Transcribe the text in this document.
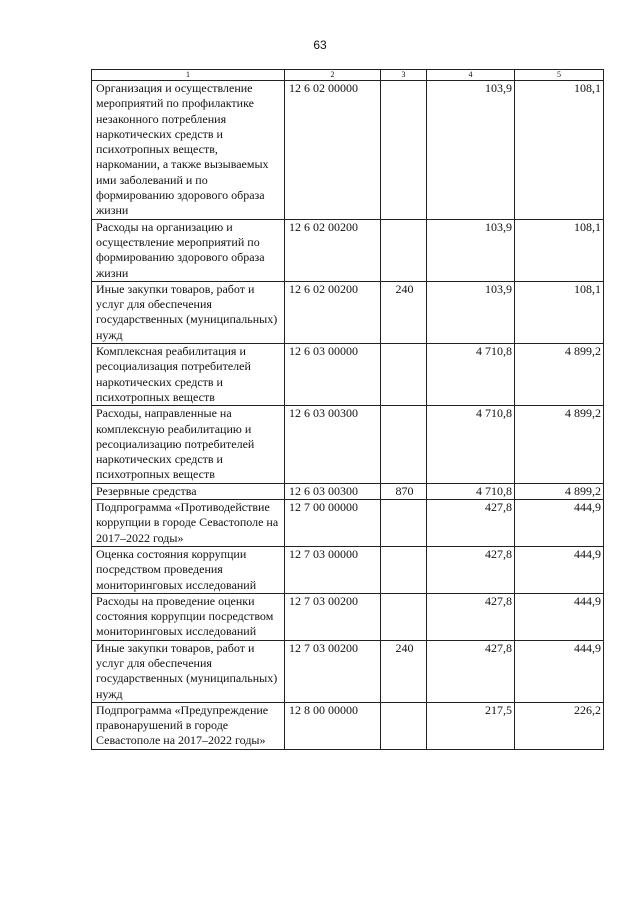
63
1	2	3	4	5
Организация и осуществление мероприятий по профилактике незаконного потребления наркотических средств и психотропных веществ, наркомании, а также вызываемых ими заболеваний и по формированию здорового образа жизни	12 6 02 00000		103,9	108,1
Расходы на организацию и осуществление мероприятий по формированию здорового образа жизни	12 6 02 00200		103,9	108,1
Иные закупки товаров, работ и услуг для обеспечения государственных (муниципальных) нужд	12 6 02 00200	240	103,9	108,1
Комплексная реабилитация и ресоциализация потребителей наркотических средств и психотропных веществ	12 6 03 00000		4 710,8	4 899,2
Расходы, направленные на комплексную реабилитацию и ресоциализацию потребителей наркотических средств и психотропных веществ	12 6 03 00300		4 710,8	4 899,2
Резервные средства	12 6 03 00300	870	4 710,8	4 899,2
Подпрограмма «Противодействие коррупции в городе Севастополе на 2017–2022 годы»	12 7 00 00000		427,8	444,9
Оценка состояния коррупции посредством проведения мониторинговых исследований	12 7 03 00000		427,8	444,9
Расходы на проведение оценки состояния коррупции посредством мониторинговых исследований	12 7 03 00200		427,8	444,9
Иные закупки товаров, работ и услуг для обеспечения государственных (муниципальных) нужд	12 7 03 00200	240	427,8	444,9
Подпрограмма «Предупреждение правонарушений в городе Севастополе на 2017–2022 годы»	12 8 00 00000		217,5	226,2
